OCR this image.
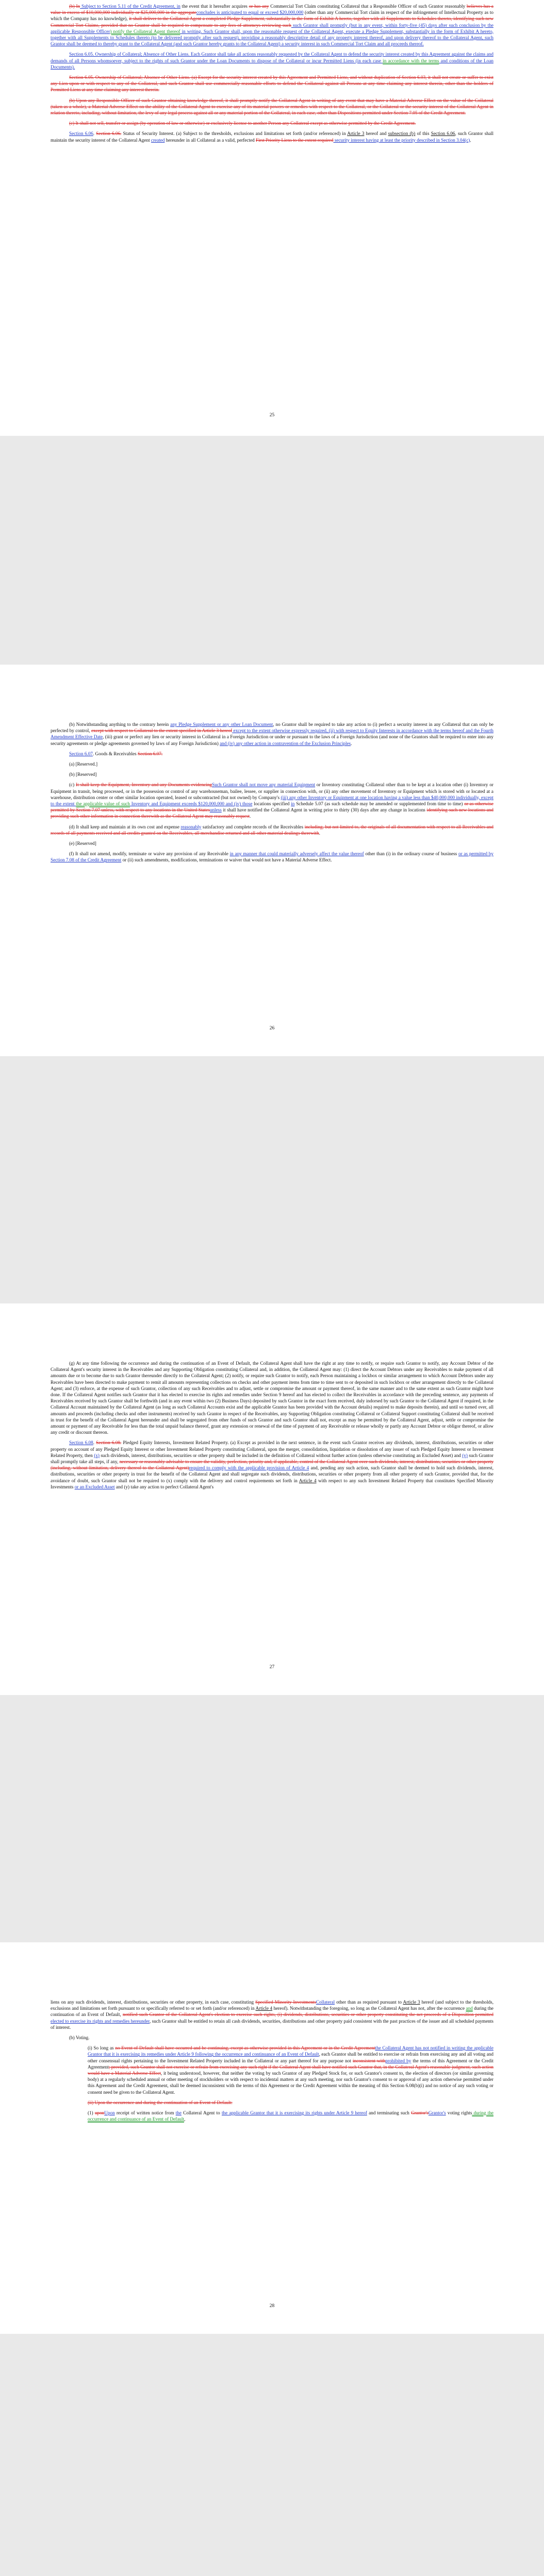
(b) In Subject to Section 5.11 of the Credit Agreement, in the event that it hereafter acquires or has any Commercial Tort Claim constituting Collateral that a Responsible Officer of such Grantor reasonably believes has a value in excess of $10,000,000 individually or $25,000,000 in the aggregateconcludes is anticipated to equal or exceed $20,000,000 (other than any Commercial Tort claim in respect of the infringement of Intellectual Property as to which the Company has no knowledge), it shall deliver to the Collateral Agent a completed Pledge Supplement, substantially in the form of Exhibit A hereto, together with all Supplements to Schedules thereto, identifying such new Commercial Tort Claims, provided that no Grantor shall be required to compensate to any fees of attorneys reviewing such such Grantor shall promptly (but in any event, within forty-five (45) days after such conclusion by the applicable Responsible Officer) notify the Collateral Agent thereof in writing. Such Grantor shall, upon the reasonable request of the Collateral Agent, execute a Pledge Supplement, substantially in the form of Exhibit A hereto, together with all Supplements to Schedules thereto (to be delivered promptly after such request), providing a reasonably descriptive detail of any property interest thereof, and upon delivery thereof to the Collateral Agent, such Grantor shall be deemed to thereby grant to the Collateral Agent (and such Grantor hereby grants to the Collateral Agent) a security interest in such Commercial Tort Claim and all proceeds thereof.

Section 6.05. Ownership of Collateral; Absence of Other Liens. Each Grantor shall take all actions reasonably requested by the Collateral Agent to defend the security interest created by this Agreement against the claims and demands of all Persons whomsoever, subject to the rights of such Grantor under the Loan Documents to dispose of the Collateral or incur Permitted Liens (in each case in accordance with the terms and conditions of the Loan Documents).

Section 6.05. Ownership of Collateral; Absence of Other Liens. (a) Except for the security interest created by this Agreement and Permitted Liens, and without duplication of Section 6.03, it shall not create or suffer to exist any Lien upon or with respect to any of the Collateral, and such Grantor shall use commercially reasonable efforts to defend the Collateral against all Persons at any time claiming any interest therein, other than the holders of Permitted Liens at any time claiming any interest therein.

(b) Upon any Responsible Officer of such Grantor obtaining knowledge thereof, it shall promptly notify the Collateral Agent in writing of any event that may have a Material Adverse Effect on the value of the Collateral (taken as a whole), a Material Adverse Effect on the ability of the Collateral Agent to exercise any of its material powers or remedies with respect to the Collateral, or the Collateral or the security interest of the Collateral Agent in relation thereto, including, without limitation, the levy of any legal process against all or any material portion of the Collateral, in each case, other than Dispositions permitted under Section 7.05 of the Credit Agreement.

(c) It shall not sell, transfer or assign (by operation of law or otherwise) or exclusively license to another Person any Collateral except as otherwise permitted by the Credit Agreement.

Section 6.06. Section 6.06. Status of Security Interest. (a) Subject to the thresholds, exclusions and limitations set forth (and/or referenced) in Article 3 hereof and subsection (b) of this Section 6.06, such Grantor shall maintain the security interest of the Collateral Agent created hereunder in all Collateral as a valid, perfected First Priority Liens to the extent required security interest having at least the priority described in Section 3.04(c).

25

(b) Notwithstanding anything to the contrary herein any Pledge Supplement or any other Loan Document, no Grantor shall be required to take any action to (i) perfect a security interest in any Collateral that can only be perfected by control, except with respect to Collateral to the extent specified in Article 3 hereof except to the extent otherwise expressly required, (ii) with respect to Equity Interests in accordance with the terms hereof and the Fourth Amendment Effective Date, (iii) grant or perfect any lien or security interest in Collateral in a Foreign Jurisdiction or under or pursuant to the laws of a Foreign Jurisdiction (and none of the Grantors shall be required to enter into any security agreements or pledge agreements governed by laws of any Foreign Jurisdiction) and (iv) any other action in contravention of the Exclusion Principles.

Section 6.07. Goods & Receivables Section 6.07.

(a) [Reserved.]

(b) [Reserved]

(c) It shall keep the Equipment, Inventory and any Documents evidencingSuch Grantor shall not move any material Equipment or Inventory constituting Collateral other than to be kept at a location other (i) Inventory or Equipment in transit, being processed, or in the possession or control of any warehouseman, bailee, lessee, or supplier in connection with, or (ii) any other movement of Inventory or Equipment which is stored with or located at a warehouse, distribution center or other similar location operated, leased or subcontracted (but not owned) by Company's (iii) any other Inventory or Equipment at one location having a value less than $40,000,000 individually, except to the extent the applicable value of such Inventory and Equipment exceeds $120,000,000 and (iv) those locations specified in Schedule 5.07 (as such schedule may be amended or supplemented from time to time) or as otherwise permitted by Section 7.07 unless, with respect to any locations in the United Statesunless it shall have notified the Collateral Agent in writing prior to thirty (30) days after any change in locations identifying such new locations and providing such other information in connection therewith as the Collateral Agent may reasonably request.

(d) It shall keep and maintain at its own cost and expense reasonably satisfactory and complete records of the Receivables including, but not limited to, the originals of all documentation with respect to all Receivables and records of all payments received and all credits granted on the Receivables, all merchandise returned and all other material dealings therewith.

(e) [Reserved]

(f) It shall not amend, modify, terminate or waive any provision of any Receivable in any manner that could materially adversely affect the value thereof other than (i) in the ordinary course of business or as permitted by Section 7.08 of the Credit Agreement or (ii) such amendments, modifications, terminations or waiver that would not have a Material Adverse Effect.

26

(g) At any time following the occurrence and during the continuation of an Event of Default, the Collateral Agent shall have the right at any time to notify, or require such Grantor to notify, any Account Debtor of the Collateral Agent's security interest in the Receivables and any Supporting Obligation constituting Collateral and, in addition, the Collateral Agent may: (1) direct the Account Debtors under any Receivables to make payment of all amounts due or to become due to such Grantor thereunder directly to the Collateral Agent; (2) notify, or require such Grantor to notify, each Person maintaining a lockbox or similar arrangement to which Account Debtors under any Receivables have been directed to make payment to remit all amounts representing collections on checks and other payment items from time to time sent to or deposited in such lockbox or other arrangement directly to the Collateral Agent; and (3) enforce, at the expense of such Grantor, collection of any such Receivables and to adjust, settle or compromise the amount or payment thereof, in the same manner and to the same extent as such Grantor might have done. If the Collateral Agent notifies such Grantor that it has elected to exercise its rights and remedies under Section 9 hereof and has elected to collect the Receivables in accordance with the preceding sentence, any payments of Receivables received by such Grantor shall be forthwith (and in any event within two (2) Business Days) deposited by such Grantor in the exact form received, duly indorsed by such Grantor to the Collateral Agent if required, in the Collateral Account maintained by the Collateral Agent (as long as such Collateral Accounts exist and the applicable Grantor has been provided with the Account details) required to make deposits therein), and until so turned over, all amounts and proceeds (including checks and other instruments) received by such Grantor in respect of the Receivables, any Supporting Obligation constituting Collateral or Collateral Support constituting Collateral shall be received in trust for the benefit of the Collateral Agent hereunder and shall be segregated from other funds of such Grantor and such Grantor shall not, except as may be permitted by the Collateral Agent, adjust, settle or compromise the amount or payment of any Receivable for less than the total unpaid balance thereof, grant any extension or renewal of the time of payment of any Receivable or release wholly or partly any Account Debtor or obligor thereof, or allow any credit or discount thereon.

Section 6.08. Section 6.08. Pledged Equity Interests, Investment Related Property. (a) Except as provided in the next sentence, in the event such Grantor receives any dividends, interest, distributions, securities or other property on account of any Pledged Equity Interest or other Investment Related Property constituting Collateral, upon the merger, consolidation, liquidation or dissolution of any issuer of such Pledged Equity Interest or Investment Related Property, then (x) such dividends, interest, distributions, securities or other property shall be included in the definition of Collateral without further action (unless otherwise constituting an Excluded Asset) and (y) such Grantor shall promptly take all steps, if any, necessary or reasonably advisable to ensure the validity, perfection, priority and, if applicable, control of the Collateral Agent over such dividends, interest, distributions, securities or other property (including, without limitation, delivery thereof to the Collateral Agent)required to comply with the applicable provision of Article 4 and, pending any such action, such Grantor shall be deemed to hold such dividends, interest, distributions, securities or other property in trust for the benefit of the Collateral Agent and shall segregate such dividends, distributions, securities or other property from all other property of such Grantor, provided that, for the avoidance of doubt, such Grantor shall not be required to (x) comply with the delivery and control requirements set forth in Article 4 with respect to any such Investment Related Property that constitutes Specified Minority Investments or an Excluded Asset and (y) take any action to perfect Collateral Agent's

27

liens on any such dividends, interest, distributions, securities or other property, in each case, constituting Specified Minority InvestmentsCollateral other than as required pursuant to Article 3 hereof (and subject to the thresholds, exclusions and limitations set forth pursuant to or specifically referred to or set forth (and/or referenced) in Article 4 hereof). Notwithstanding the foregoing, so long as the Collateral Agent has not, after the occurrence and during the continuation of an Event of Default, notified such Grantor of the Collateral Agent's election to exercise such rights, (i) dividends, distributions, securities or other property constituting the net proceeds of a Disposition permitted elected to exercise its rights and remedies hereunder, such Grantor shall be entitled to retain all cash dividends, securities, distributions and other property paid consistent with the past practices of the issuer and all scheduled payments of interest.

(b) Voting.

(i) So long as no Event of Default shall have occurred and be continuing, except as otherwise provided in this Agreement or in the Credit Agreementthe Collateral Agent has not notified in writing the applicable Grantor that it is exercising its remedies under Article 9 following the occurrence and continuance of an Event of Default, each Grantor shall be entitled to exercise or refrain from exercising any and all voting and other consensual rights pertaining to the Investment Related Property included in the Collateral or any part thereof for any purpose not inconsistent withprohibited by the terms of this Agreement or the Credit Agreement; provided, such Grantor shall not exercise or refrain from exercising any such right if the Collateral Agent shall have notified such Grantor that, in the Collateral Agent's reasonable judgment, such action would have a Material Adverse Effect, it being understood, however, that neither the voting by such Grantor of any Pledged Stock for, or such Grantor's consent to, the election of directors (or similar governing body) at a regularly scheduled annual or other meeting of stockholders or with respect to incidental matters at any such meeting, nor such Grantor's consent to or approval of any action otherwise permitted under this Agreement and the Credit Agreement, shall be deemed inconsistent with the terms of this Agreement or the Credit Agreement within the meaning of this Section 6.08(b)(i) and no notice of any such voting or consent need be given to the Collateral Agent.

(ii) Upon the occurrence and during the continuation of an Event of Default:

(1) uponUpon receipt of written notice from the Collateral Agent to the applicable Grantor that it is exercising its rights under Article 9 hereof and terminating such Grantor'sGrantor's voting rights during the occurrence and continuance of an Event of Default,

28
